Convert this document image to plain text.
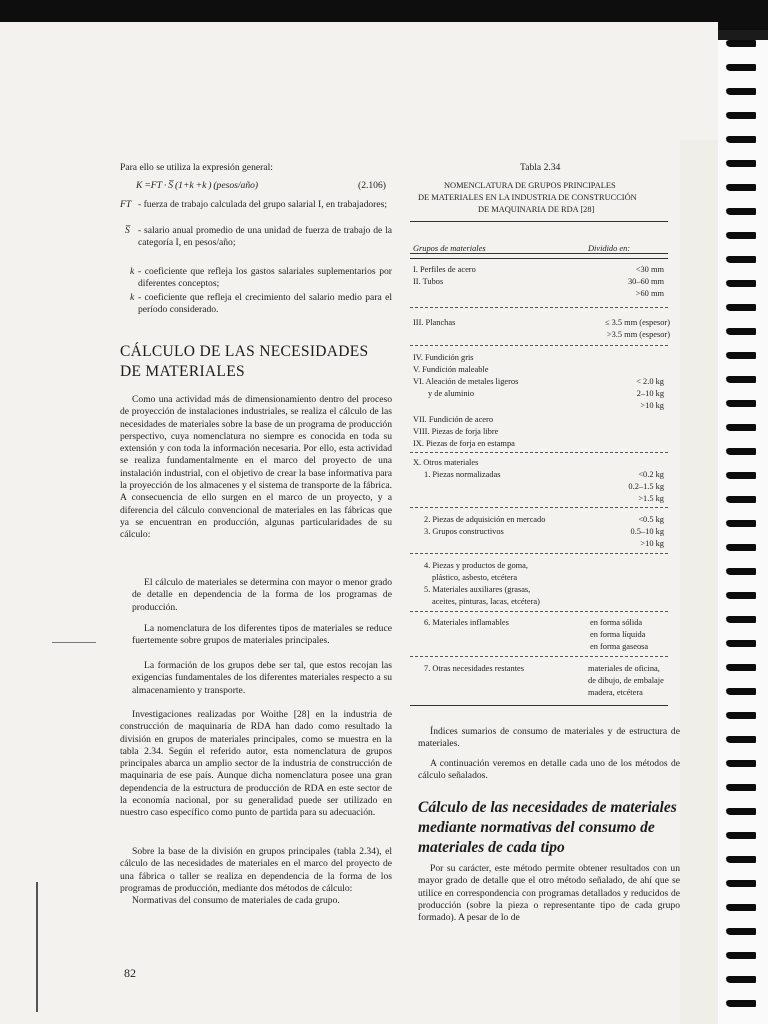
Para ello se utiliza la expresión general:
K =FT · S̅ (1+k +k ) (pesos/año)	(2.106)
FT - fuerza de trabajo calculada del grupo salarial I, en trabajadores;
S̅ - salario anual promedio de una unidad de fuerza de trabajo de la categoría I, en pesos/año;
k - coeficiente que refleja los gastos salariales suplementarios por diferentes conceptos;
k - coeficiente que refleja el crecimiento del salario medio para el período considerado.
CÁLCULO DE LAS NECESIDADES DE MATERIALES
Como una actividad más de dimensionamiento dentro del proceso de proyección de instalaciones industriales, se realiza el cálculo de las necesidades de materiales sobre la base de un programa de producción perspectivo, cuya nomenclatura no siempre es conocida en toda su extensión y con toda la información necesaria. Por ello, esta actividad se realiza fundamentalmente en el marco del proyecto de una instalación industrial, con el objetivo de crear la base informativa para la proyección de los almacenes y el sistema de transporte de la fábrica. A consecuencia de ello surgen en el marco de un proyecto, y a diferencia del cálculo convencional de materiales en las fábricas que ya se encuentran en producción, algunas particularidades de su cálculo:
El cálculo de materiales se determina con mayor o menor grado de detalle en dependencia de la forma de los programas de producción.
La nomenclatura de los diferentes tipos de materiales se reduce fuertemente sobre grupos de materiales principales.
La formación de los grupos debe ser tal, que estos recojan las exigencias fundamentales de los diferentes materiales respecto a su almacenamiento y transporte.
Investigaciones realizadas por Woithe [28] en la industria de construcción de maquinaria de RDA han dado como resultado la división en grupos de materiales principales, como se muestra en la tabla 2.34. Según el referido autor, esta nomenclatura de grupos principales abarca un amplio sector de la industria de construcción de maquinaria de ese país. Aunque dicha nomenclatura posee una gran dependencia de la estructura de producción de RDA en este sector de la economía nacional, por su generalidad puede ser utilizado en nuestro caso específico como punto de partida para su adecuación.
Sobre la base de la división en grupos principales (tabla 2.34), el cálculo de las necesidades de materiales en el marco del proyecto de una fábrica o taller se realiza en dependencia de la forma de los programas de producción, mediante dos métodos de cálculo:
Normativas del consumo de materiales de cada grupo.
82
Tabla 2.34
NOMENCLATURA DE GRUPOS PRINCIPALES
DE MATERIALES EN LA INDUSTRIA DE CONSTRUCCIÓN
DE MAQUINARIA DE RDA [28]
Grupos de materiales	Dividido en:
I. Perfiles de acero	<30 mm
II. Tubos	30–60 mm
>60 mm
III. Planchas	≤ 3.5 mm (espesor)
>3.5 mm (espesor)
IV. Fundición gris
V. Fundición maleable
VI. Aleación de metales ligeros	< 2.0 kg
y de aluminio	2–10 kg
>10 kg
VII. Fundición de acero
VIII. Piezas de forja libre
IX. Piezas de forja en estampa
X. Otros materiales
1. Piezas normalizadas	<0.2 kg
0.2–1.5 kg
>1.5 kg
2. Piezas de adquisición en mercado	<0.5 kg
3. Grupos constructivos	0.5–10 kg
>10 kg
4. Piezas y productos de goma,
plástico, asbesto, etcétera
5. Materiales auxiliares (grasas,
aceites, pinturas, lacas, etcétera)
6. Materiales inflamables	en forma sólida
en forma líquida
en forma gaseosa
7. Otras necesidades restantes	materiales de oficina,
de dibujo, de embalaje
madera, etcétera
Índices sumarios de consumo de materiales y de estructura de materiales.
A continuación veremos en detalle cada uno de los métodos de cálculo señalados.
Cálculo de las necesidades de materiales mediante normativas del consumo de materiales de cada tipo
Por su carácter, este método permite obtener resultados con un mayor grado de detalle que el otro método señalado, de ahí que se utilice en correspondencia con programas detallados y reducidos de producción (sobre la pieza o representante tipo de cada grupo formado). A pesar de lo de
